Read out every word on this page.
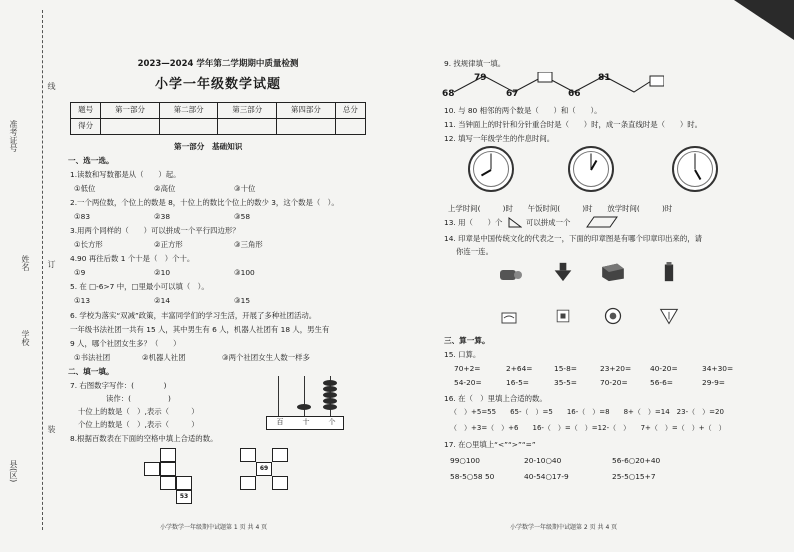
准考证号
姓名
学校
县(区)
线
订
装
2023—2024 学年第二学期期中质量检测
小学一年级数学试题
题号	第一部分	第二部分	第三部分	第四部分	总分
得分					
第一部分　基础知识
一、选一选。
1.读数和写数都是从（　　）起。
①低位	②高位	③十位
2.一个两位数，个位上的数是 8，十位上的数比个位上的数少 3，这个数是（　）。
①83	②38	③58
3.用两个同样的（　　）可以拼成一个平行四边形？
①长方形	②正方形	③三角形
4.90 再往后数 1 个十是（　）个十。
①9	②10	③100
5. 在 □-6>7 中，□里最小可以填（　）。
①13	②14	③15
6. 学校为落实“双减”政策，丰富同学们的学习生活，开展了多种社团活动。
一年级书法社团一共有 15 人，其中男生有 6 人，机器人社团有 18 人，男生有
9 人，哪个社团女生多？（　　）
①书法社团	②机器人社团	③两个社团女生人数一样多
二、填一填。
7. 右图数字写作：(　　　　)
读作：(　　　　　)
十位上的数是（　）,表示（　　　）
个位上的数是（　）,表示（　　　）	百	十	个
8.根据百数表在下面的空格中填上合适的数。
53
69
小学数学一年级期中试题第 1 页 共 4 页
9. 找规律填一填。
68
79
67	66
81
10. 与 80 相邻的两个数是（　　）和（　　）。
11. 当钟面上的时针和分针重合时是（　　）时，成一条直线时是（　　）时。
12. 填写一年级学生的作息时间。
上学时间(　　　)时　　午饭时间(　　　)时　　放学时间(　　　)时
13. 用（　　）个	可以拼成一个
14. 印章是中国传统文化的代表之一，下面的印章图是有哪个印章印出来的，请
你连一连。
三、算一算。
15. 口算。
70+2=	2+64=	15-8=	23+20=	40-20=	34+30=
54-20=	16-5=	35-5=	70-20=	56-6=	29-9=
16. 在（　）里填上合适的数。
（　）+5=55　　65-（　）=5　　16-（　）=8　　8+（　）=14　23-（　）=20
（　）+3=（　）+6　　16-（　）=（　）=12-（　）　　7+（　）=（　）+（　）
17. 在○里填上“<”“>”“=”
99○100	20-10○40	56-6○20+40
58-5○58 50	40-54○17-9	25-5○15+7
小学数学一年级期中试题第 2 页 共 4 页
